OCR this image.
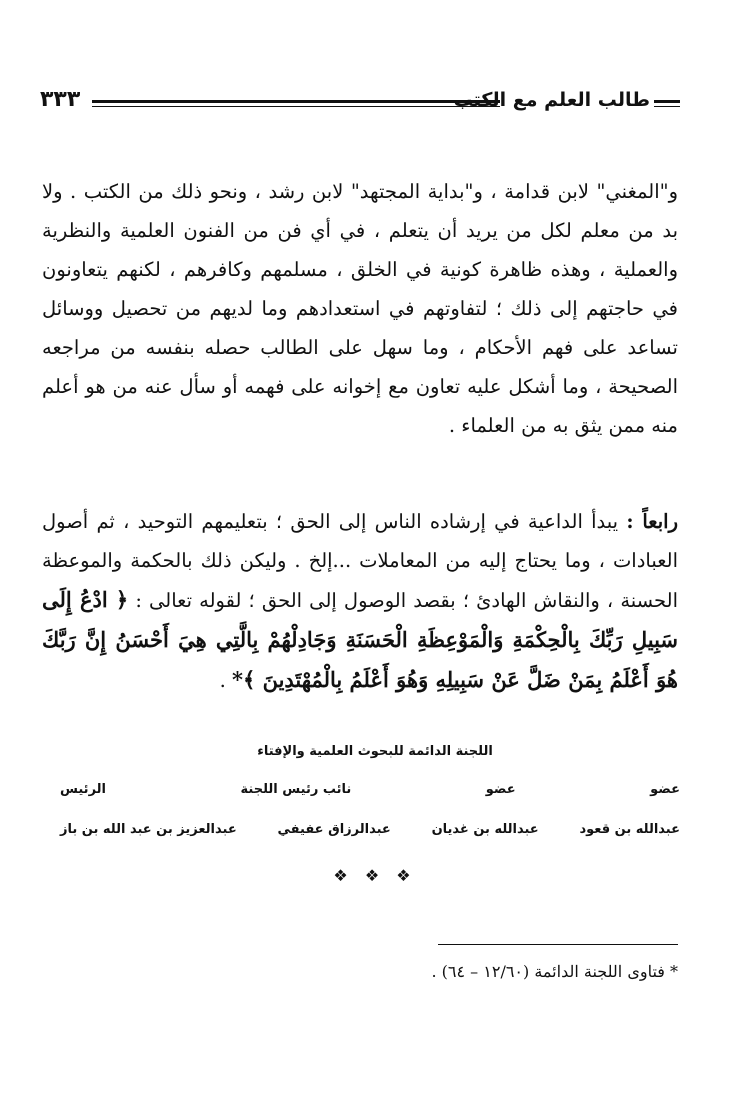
٣٣٣	طالب العلم مع الكتب

و"المغني" لابن قدامة ، و"بداية المجتهد" لابن رشد ، ونحو ذلك من الكتب . ولا بد من معلم لكل من يريد أن يتعلم ، في أي فن من الفنون العلمية والنظرية والعملية ، وهذه ظاهرة كونية في الخلق ، مسلمهم وكافرهم ، لكنهم يتعاونون في حاجتهم إلى ذلك ؛ لتفاوتهم في استعدادهم وما لديهم من تحصيل ووسائل تساعد على فهم الأحكام ، وما سهل على الطالب حصله بنفسه من مراجعه الصحيحة ، وما أشكل عليه تعاون مع إخوانه على فهمه أو سأل عنه من هو أعلم منه ممن يثق به من العلماء .

رابعاً : يبدأ الداعية في إرشاده الناس إلى الحق ؛ بتعليمهم التوحيد ، ثم أصول العبادات ، وما يحتاج إليه من المعاملات ...إلخ . وليكن ذلك بالحكمة والموعظة الحسنة ، والنقاش الهادئ ؛ بقصد الوصول إلى الحق ؛ لقوله تعالى : ﴿ ادْعُ إِلَى سَبِيلِ رَبِّكَ بِالْحِكْمَةِ وَالْمَوْعِظَةِ الْحَسَنَةِ وَجَادِلْهُمْ بِالَّتِي هِيَ أَحْسَنُ إِنَّ رَبَّكَ هُوَ أَعْلَمُ بِمَنْ ضَلَّ عَنْ سَبِيلِهِ وَهُوَ أَعْلَمُ بِالْمُهْتَدِينَ ﴾* .

اللجنة الدائمة للبحوث العلمية والإفتاء
عضو
عضو
نائب رئيس اللجنة
الرئيس
عبدالله بن قعود
عبدالله بن غديان
عبدالرزاق عفيفي
عبدالعزيز بن عبد الله بن باز
❖ ❖ ❖
* فتاوى اللجنة الدائمة (١٢/٦٠ – ٦٤) .
